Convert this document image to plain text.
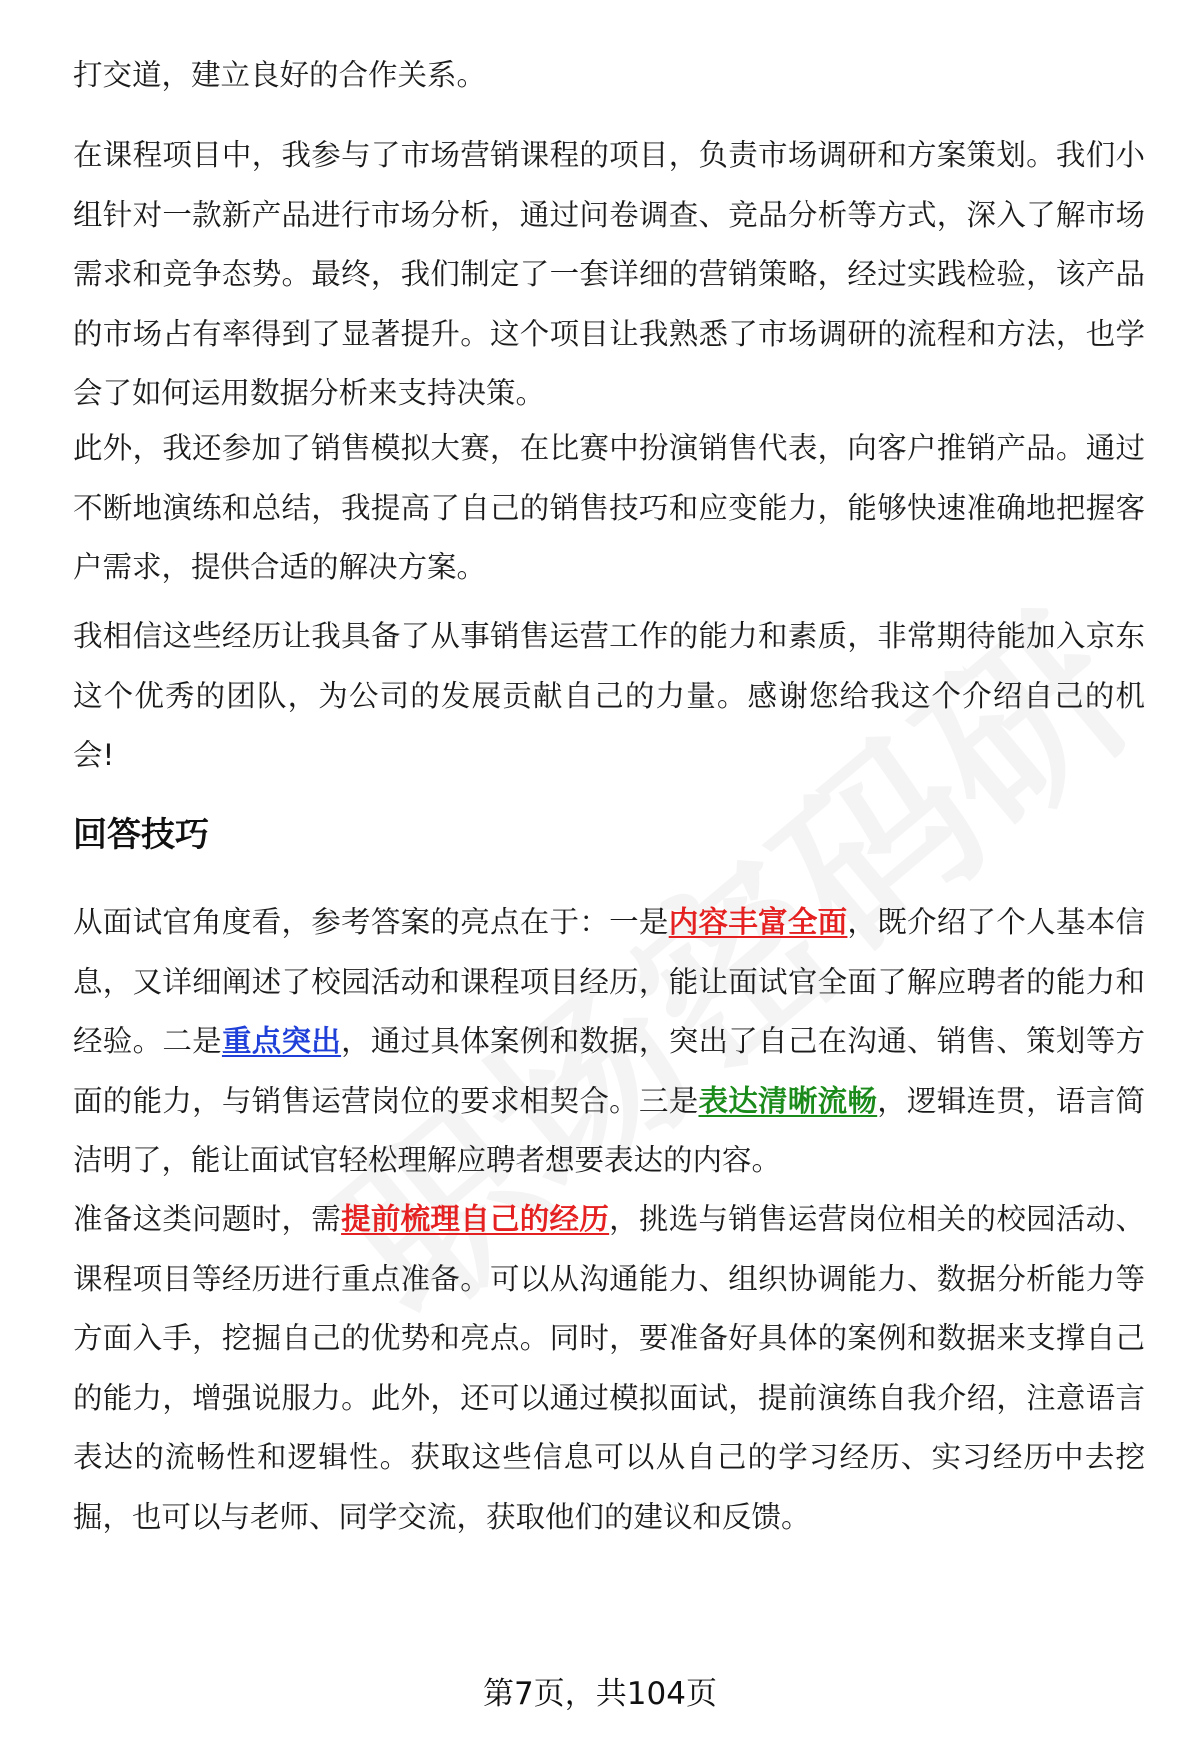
打交道，建立良好的合作关系。

在课程项目中，我参与了市场营销课程的项目，负责市场调研和方案策划。我们小组针对一款新产品进行市场分析，通过问卷调查、竞品分析等方式，深入了解市场需求和竞争态势。最终，我们制定了一套详细的营销策略，经过实践检验，该产品的市场占有率得到了显著提升。这个项目让我熟悉了市场调研的流程和方法，也学会了如何运用数据分析来支持决策。

此外，我还参加了销售模拟大赛，在比赛中扮演销售代表，向客户推销产品。通过不断地演练和总结，我提高了自己的销售技巧和应变能力，能够快速准确地把握客户需求，提供合适的解决方案。

我相信这些经历让我具备了从事销售运营工作的能力和素质，非常期待能加入京东这个优秀的团队，为公司的发展贡献自己的力量。感谢您给我这个介绍自己的机会!

回答技巧

从面试官角度看，参考答案的亮点在于：一是内容丰富全面，既介绍了个人基本信息，又详细阐述了校园活动和课程项目经历，能让面试官全面了解应聘者的能力和经验。二是重点突出，通过具体案例和数据，突出了自己在沟通、销售、策划等方面的能力，与销售运营岗位的要求相契合。三是表达清晰流畅，逻辑连贯，语言简洁明了，能让面试官轻松理解应聘者想要表达的内容。

准备这类问题时，需提前梳理自己的经历，挑选与销售运营岗位相关的校园活动、课程项目等经历进行重点准备。可以从沟通能力、组织协调能力、数据分析能力等方面入手，挖掘自己的优势和亮点。同时，要准备好具体的案例和数据来支撑自己的能力，增强说服力。此外，还可以通过模拟面试，提前演练自我介绍，注意语言表达的流畅性和逻辑性。获取这些信息可以从自己的学习经历、实习经历中去挖掘，也可以与老师、同学交流，获取他们的建议和反馈。

第7页，共104页
